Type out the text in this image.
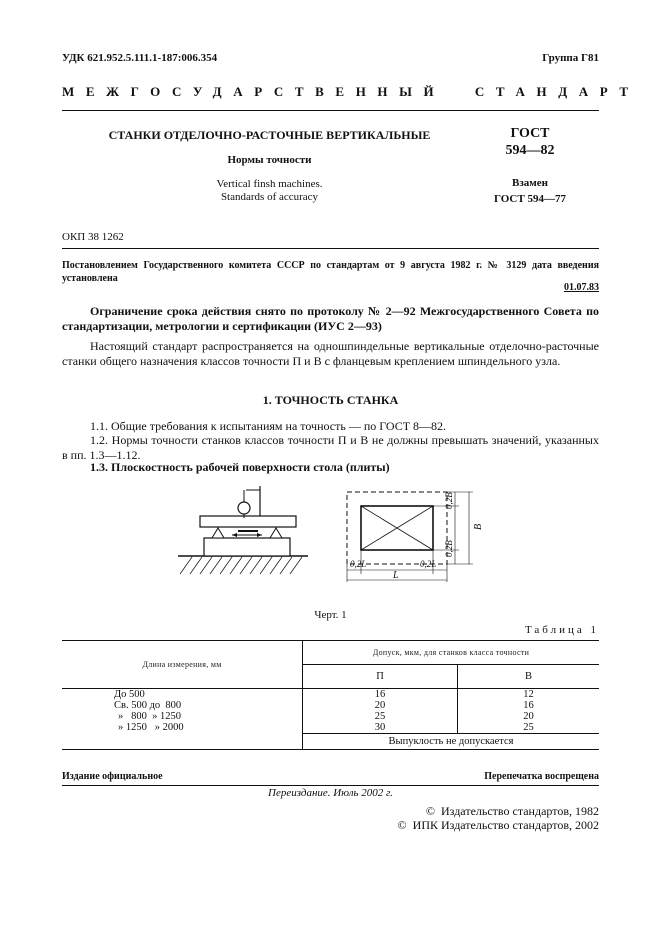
УДК 621.952.5.111.1-187:006.354	Группа Г81
МЕЖГОСУДАРСТВЕННЫЙ  СТАНДАРТ
СТАНКИ ОТДЕЛОЧНО-РАСТОЧНЫЕ ВЕРТИКАЛЬНЫЕ
Нормы точности
Vertical finsh machines.
Standards of accuracy
ГОСТ
594—82
Взамен
ГОСТ 594—77
ОКП 38 1262
Постановлением Государственного комитета СССР по стандартам от 9 августа 1982 г. № 3129 дата введения установлена
01.07.83
Ограничение срока действия снято по протоколу № 2—92 Межгосударственного Совета по стандартизации, метрологии и сертификации (ИУС 2—93)
Настоящий стандарт распространяется на одношпиндельные вертикальные отделочно-расточные станки общего назначения классов точности П и В с фланцевым креплением шпиндельного узла.
1. ТОЧНОСТЬ СТАНКА
1.1. Общие требования к испытаниям на точность — по ГОСТ 8—82.
1.2. Нормы точности станков классов точности П и В не должны превышать значений, указанных в пп. 1.3—1.12.
1.3. Плоскостность рабочей поверхности стола (плиты)
0,2L	0,2L
L
0,2B
0,2B
B
Черт. 1
Таблица 1
Длина измерения, мм	Допуск, мкм, для станков класса точности	
	П	В
До 500	16	12
Св. 500 до  800	20	16
»   800  » 1250	25	20
» 1250   » 2000	30	25
	Выпуклость не допускается	
Издание официальное	Перепечатка воспрещена
Переиздание. Июль 2002 г.
©  Издательство стандартов, 1982
©  ИПК Издательство стандартов, 2002
